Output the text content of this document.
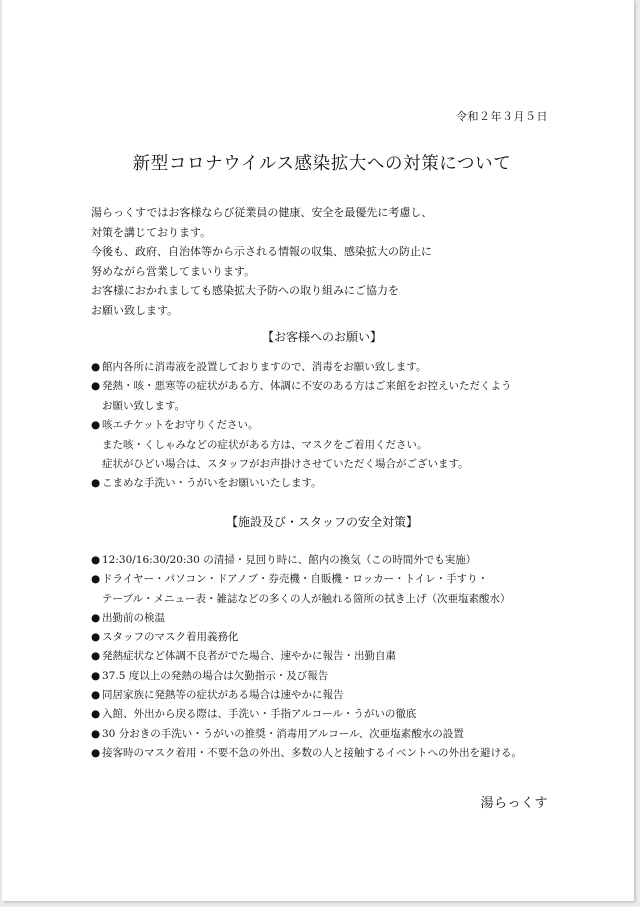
令和２年３月５日
新型コロナウイルス感染拡大への対策について
湯らっくすではお客様ならび従業員の健康、安全を最優先に考慮し、
対策を講じております。
今後も、政府、自治体等から示される情報の収集、感染拡大の防止に
努めながら営業してまいります。
お客様におかれましても感染拡大予防への取り組みにご協力を
お願い致します。
【お客様へのお願い】
● 館内各所に消毒液を設置しておりますので、消毒をお願い致します。
● 発熱・咳・悪寒等の症状がある方、体調に不安のある方はご来館をお控えいただくよう
お願い致します。
● 咳エチケットをお守りください。
また咳・くしゃみなどの症状がある方は、マスクをご着用ください。
症状がひどい場合は、スタッフがお声掛けさせていただく場合がございます。
● こまめな手洗い・うがいをお願いいたします。
【施設及び・スタッフの安全対策】
● 12:30/16:30/20:30 の清掃・見回り時に、館内の換気（この時間外でも実施）
● ドライヤー・パソコン・ドアノブ・券売機・自販機・ロッカー・トイレ・手すり・
テーブル・メニュー表・雑誌などの多くの人が触れる箇所の拭き上げ（次亜塩素酸水）
● 出勤前の検温
● スタッフのマスク着用義務化
● 発熱症状など体調不良者がでた場合、速やかに報告・出勤自粛
● 37.5 度以上の発熱の場合は欠勤指示・及び報告
● 同居家族に発熱等の症状がある場合は速やかに報告
● 入館、外出から戻る際は、手洗い・手指アルコール・うがいの徹底
● 30 分おきの手洗い・うがいの推奨・消毒用アルコール、次亜塩素酸水の設置
● 接客時のマスク着用・不要不急の外出、多数の人と接触するイベントへの外出を避ける。
湯らっくす
